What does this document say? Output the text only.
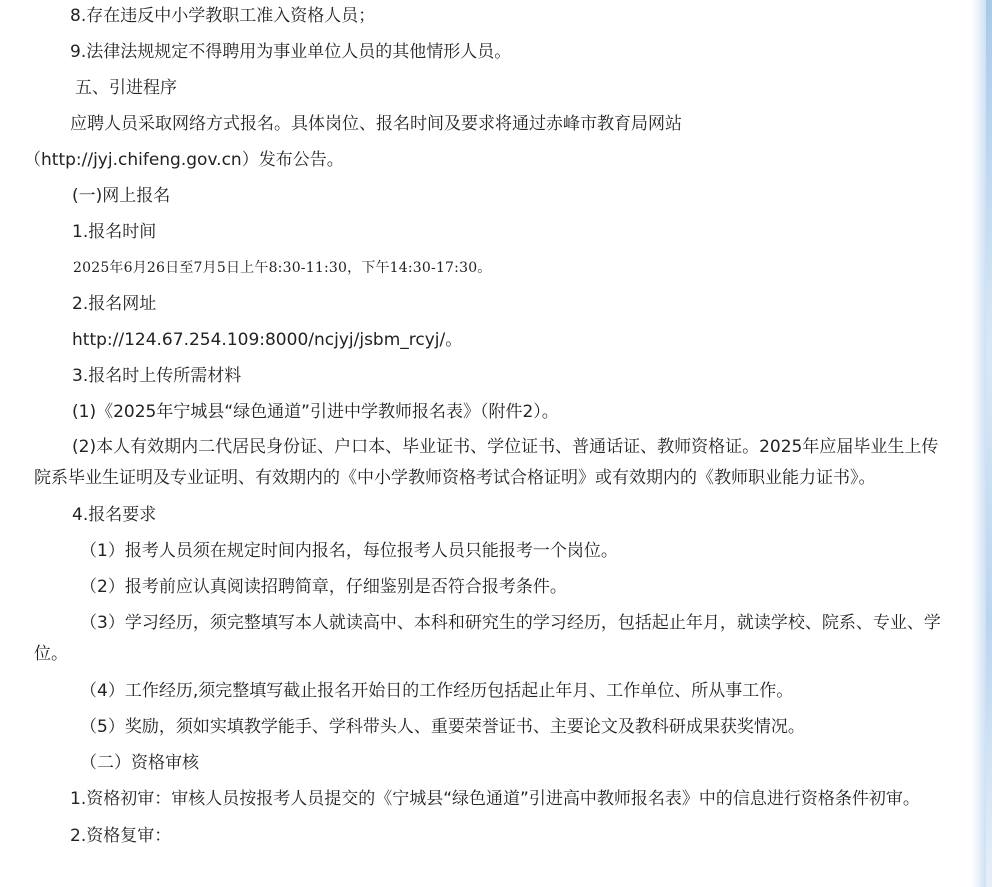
8.存在违反中小学教职工准入资格人员；

9.法律法规规定不得聘用为事业单位人员的其他情形人员。

五、引进程序

应聘人员采取网络方式报名。具体岗位、报名时间及要求将通过赤峰市教育局网站

（http://jyj.chifeng.gov.cn）发布公告。

(一)网上报名

1.报名时间

2025年6月26日至7月5日上午8:30-11:30，下午14:30-17:30。

2.报名网址

http://124.67.254.109:8000/ncjyj/jsbm_rcyj/。

3.报名时上传所需材料

(1)《2025年宁城县“绿色通道”引进中学教师报名表》（附件2）。

(2)本人有效期内二代居民身份证、户口本、毕业证书、学位证书、普通话证、教师资格证。2025年应届毕业生上传院系毕业生证明及专业证明、有效期内的《中小学教师资格考试合格证明》或有效期内的《教师职业能力证书》。

4.报名要求

（1）报考人员须在规定时间内报名，每位报考人员只能报考一个岗位。

（2）报考前应认真阅读招聘简章，仔细鉴别是否符合报考条件。

（3）学习经历，须完整填写本人就读高中、本科和研究生的学习经历，包括起止年月，就读学校、院系、专业、学位。

（4）工作经历,须完整填写截止报名开始日的工作经历包括起止年月、工作单位、所从事工作。

（5）奖励，须如实填教学能手、学科带头人、重要荣誉证书、主要论文及教科研成果获奖情况。

（二）资格审核

1.资格初审：审核人员按报考人员提交的《宁城县“绿色通道”引进高中教师报名表》中的信息进行资格条件初审。

2.资格复审：
